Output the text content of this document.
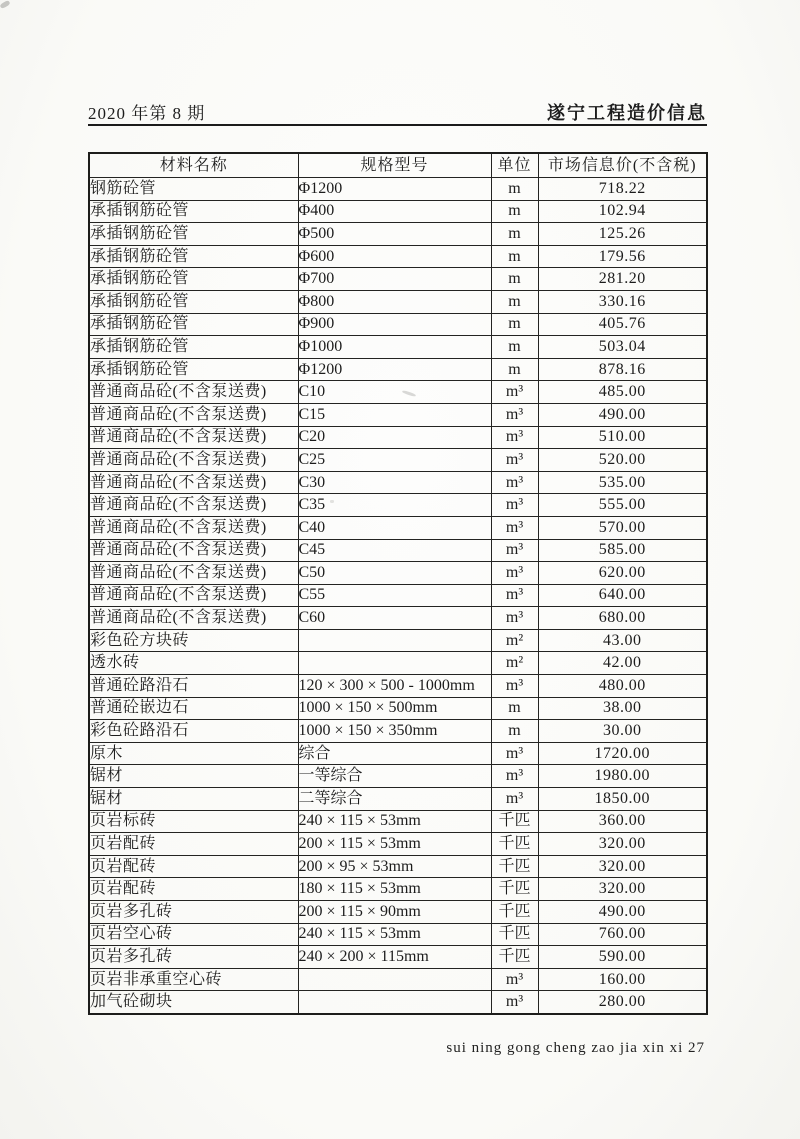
2020 年第 8 期	遂宁工程造价信息
材料名称	规格型号	单位	市场信息价(不含税)
钢筋砼管	Φ1200	m	718.22
承插钢筋砼管	Φ400	m	102.94
承插钢筋砼管	Φ500	m	125.26
承插钢筋砼管	Φ600	m	179.56
承插钢筋砼管	Φ700	m	281.20
承插钢筋砼管	Φ800	m	330.16
承插钢筋砼管	Φ900	m	405.76
承插钢筋砼管	Φ1000	m	503.04
承插钢筋砼管	Φ1200	m	878.16
普通商品砼(不含泵送费)	C10	m³	485.00
普通商品砼(不含泵送费)	C15	m³	490.00
普通商品砼(不含泵送费)	C20	m³	510.00
普通商品砼(不含泵送费)	C25	m³	520.00
普通商品砼(不含泵送费)	C30	m³	535.00
普通商品砼(不含泵送费)	C35	m³	555.00
普通商品砼(不含泵送费)	C40	m³	570.00
普通商品砼(不含泵送费)	C45	m³	585.00
普通商品砼(不含泵送费)	C50	m³	620.00
普通商品砼(不含泵送费)	C55	m³	640.00
普通商品砼(不含泵送费)	C60	m³	680.00
彩色砼方块砖		m²	43.00
透水砖		m²	42.00
普通砼路沿石	120 × 300 × 500 - 1000mm	m³	480.00
普通砼嵌边石	1000 × 150 × 500mm	m	38.00
彩色砼路沿石	1000 × 150 × 350mm	m	30.00
原木	综合	m³	1720.00
锯材	一等综合	m³	1980.00
锯材	二等综合	m³	1850.00
页岩标砖	240 × 115 × 53mm	千匹	360.00
页岩配砖	200 × 115 × 53mm	千匹	320.00
页岩配砖	200 × 95 × 53mm	千匹	320.00
页岩配砖	180 × 115 × 53mm	千匹	320.00
页岩多孔砖	200 × 115 × 90mm	千匹	490.00
页岩空心砖	240 × 115 × 53mm	千匹	760.00
页岩多孔砖	240 × 200 × 115mm	千匹	590.00
页岩非承重空心砖		m³	160.00
加气砼砌块		m³	280.00
sui ning gong cheng zao jia xin xi 27
